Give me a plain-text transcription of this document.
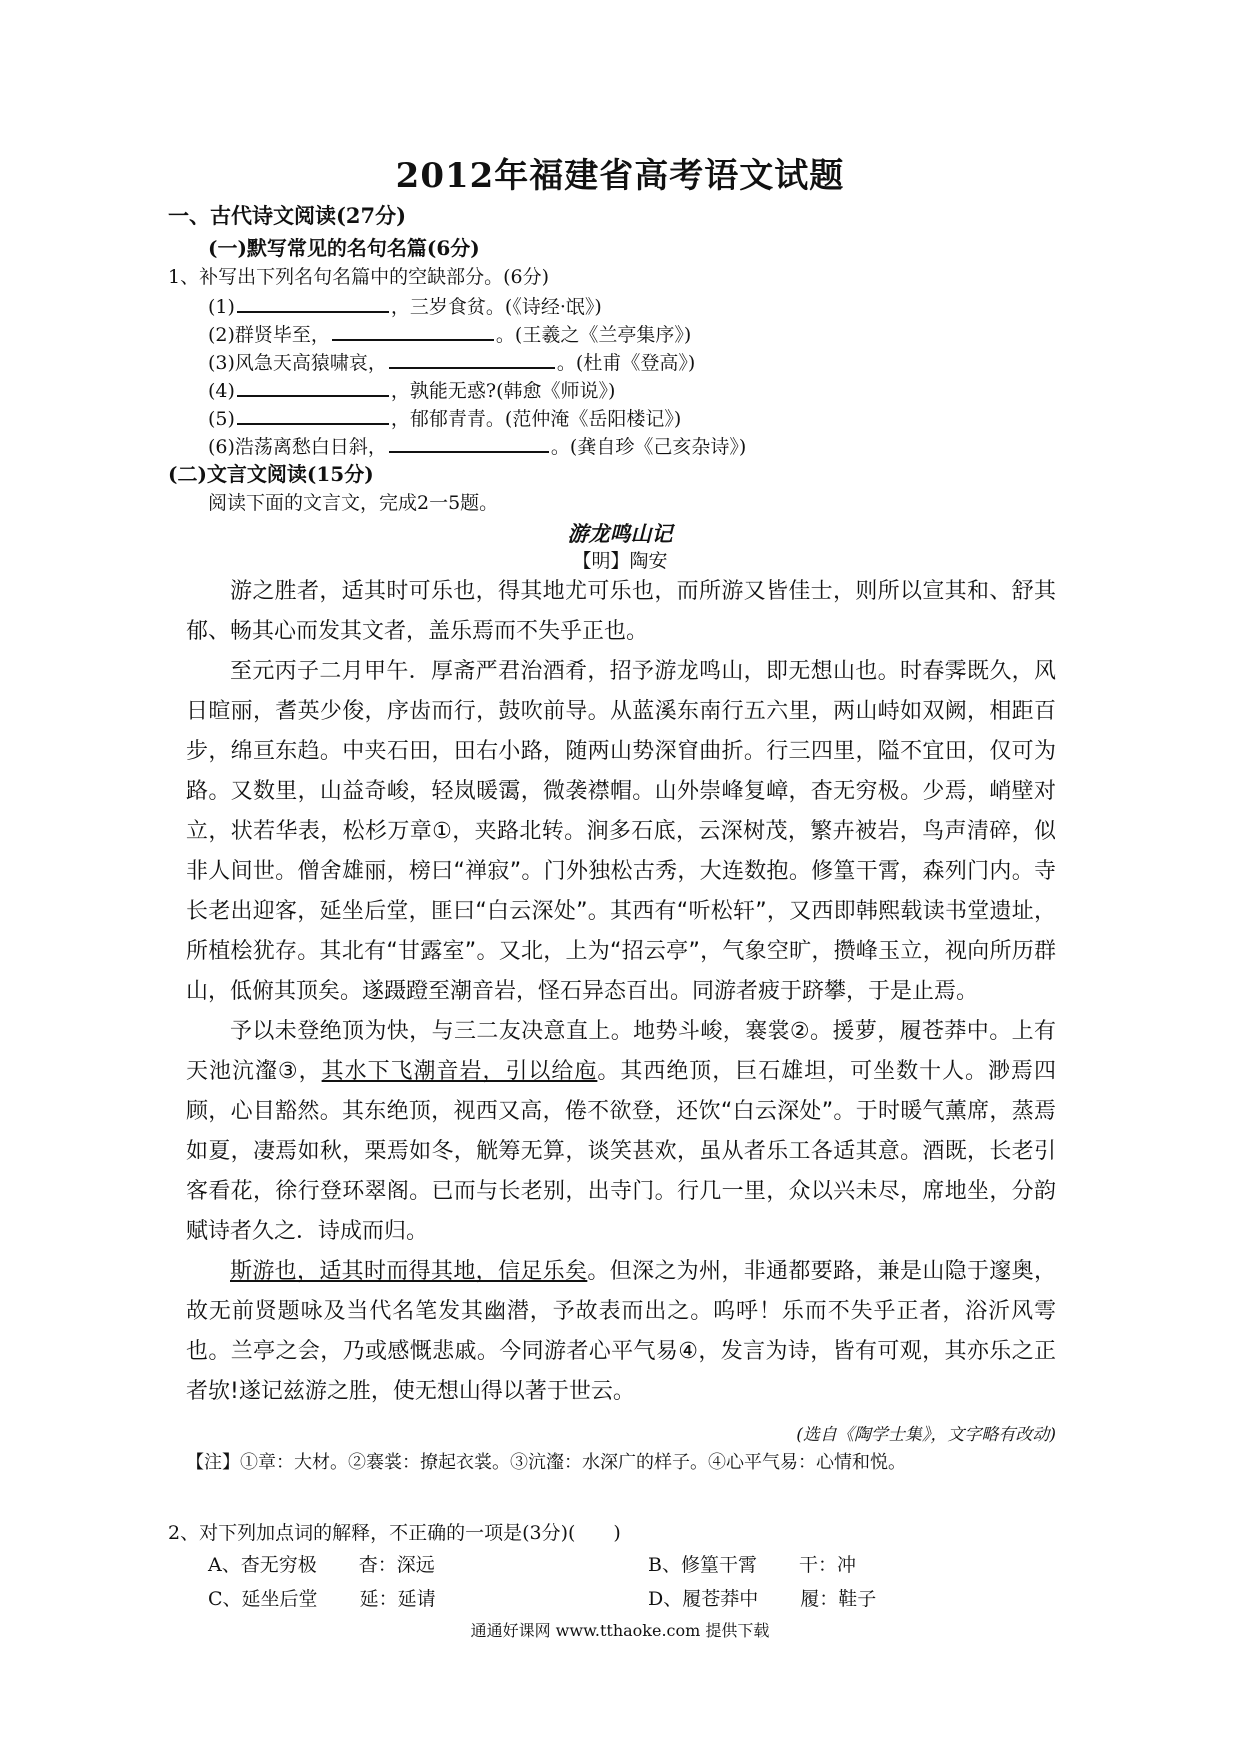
2012年福建省高考语文试题
一、古代诗文阅读(27分)
(一)默写常见的名句名篇(6分)
1、补写出下列名句名篇中的空缺部分。(6分)
(1)	，三岁食贫。(《诗经·氓》)
(2)群贤毕至，	。(王羲之《兰亭集序》)
(3)风急天高猿啸哀，	。(杜甫《登高》)
(4)	，孰能无惑?(韩愈《师说》)
(5)	，郁郁青青。(范仲淹《岳阳楼记》)
(6)浩荡离愁白日斜，	。(龚自珍《己亥杂诗》)
(二)文言文阅读(15分)
阅读下面的文言文，完成2一5题。
游龙鸣山记
【明】陶安

游之胜者，适其时可乐也，得其地尤可乐也，而所游又皆佳士，则所以宣其和、舒其郁、畅其心而发其文者，盖乐焉而不失乎正也。

至元丙子二月甲午．厚斋严君治酒肴，招予游龙鸣山，即无想山也。时春霁既久，风日暄丽，耆英少俊，序齿而行，鼓吹前导。从蓝溪东南行五六里，两山峙如双阙，相距百步，绵亘东趋。中夹石田，田右小路，随两山势深窅曲折。行三四里，隘不宜田，仅可为路。又数里，山益奇峻，轻岚暖霭，微袭襟帽。山外崇峰复嶂，杳无穷极。少焉，峭壁对立，状若华表，松杉万章①，夹路北转。涧多石底，云深树茂，繁卉被岩，鸟声清碎，似非人间世。僧舍雄丽，榜曰“禅寂”。门外独松古秀，大连数抱。修篁干霄，森列门内。寺长老出迎客，延坐后堂，匪曰“白云深处”。其西有“听松轩”，又西即韩熙载读书堂遗址，所植桧犹存。其北有“甘露室”。又北，上为“招云亭”，气象空旷，攒峰玉立，视向所历群山，低俯其顶矣。遂蹑蹬至潮音岩，怪石异态百出。同游者疲于跻攀，于是止焉。

予以未登绝顶为快，与三二友决意直上。地势斗峻，褰裳②。援萝，履苍莽中。上有天池沆瀣③，其水下飞潮音岩，引以给庖。其西绝顶，巨石雄坦，可坐数十人。渺焉四顾，心目豁然。其东绝顶，视西又高，倦不欲登，还饮“白云深处”。于时暖气薰席，蒸焉如夏，凄焉如秋，栗焉如冬，觥筹无算，谈笑甚欢，虽从者乐工各适其意。酒既，长老引客看花，徐行登环翠阁。已而与长老别，出寺门。行几一里，众以兴未尽，席地坐，分韵赋诗者久之．诗成而归。

斯游也，适其时而得其地，信足乐矣。但深之为州，非通都要路，兼是山隐于邃奥，故无前贤题咏及当代名笔发其幽潜，予故表而出之。呜呼！乐而不失乎正者，浴沂风雩也。兰亭之会，乃或感慨悲戚。今同游者心平气易④，发言为诗，皆有可观，其亦乐之正者欤!遂记兹游之胜，使无想山得以著于世云。

(选自《陶学士集》，文字略有改动)
【注】①章：大材。②褰裳：撩起衣裳。③沆瀣：水深广的样子。④心平气易：心情和悦。
2、对下列加点词的解释，不正确的一项是(3分)(　　)
A、杳无穷极 杳：深远	B、修篁干霄 干：冲
C、延坐后堂 延：延请	D、履苍莽中 履：鞋子
通通好课网 www.tthaoke.com 提供下载
